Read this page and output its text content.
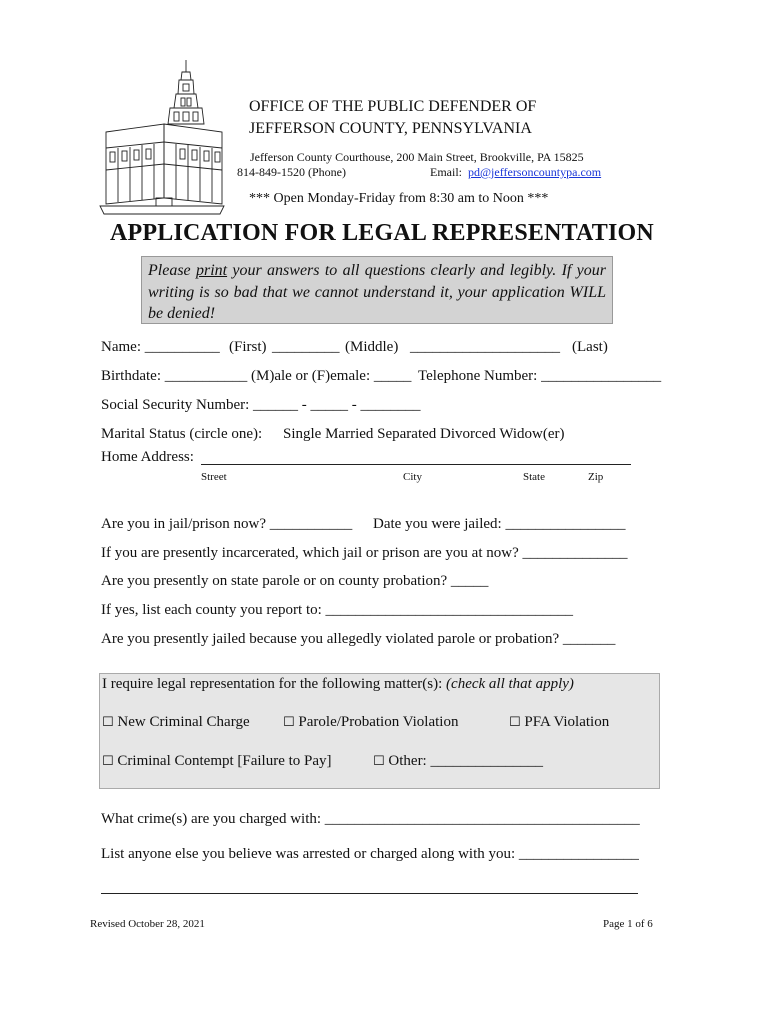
OFFICE OF THE PUBLIC DEFENDER OF
JEFFERSON COUNTY, PENNSYLVANIA
Jefferson County Courthouse, 200 Main Street, Brookville, PA 15825
814-849-1520 (Phone)	Email: pd@jeffersoncountypa.com
*** Open Monday-Friday from 8:30 am to Noon ***
APPLICATION FOR LEGAL REPRESENTATION
Please print your answers to all questions clearly and legibly. If your writing is so bad that we cannot understand it, your application WILL be denied!
Name: __________ (First) _________ (Middle) ____________________ (Last)
Birthdate: ___________ (M)ale or (F)emale: _____ Telephone Number: ________________
Social Security Number: ______ - _____ - ________
Marital Status (circle one): Single Married Separated Divorced Widow(er)
Home Address:
Street	City	State	Zip
Are you in jail/prison now? ___________ Date you were jailed: ________________
If you are presently incarcerated, which jail or prison are you at now? ______________
Are you presently on state parole or on county probation? _____
If yes, list each county you report to: _________________________________
Are you presently jailed because you allegedly violated parole or probation? _______
I require legal representation for the following matter(s): (check all that apply)
☐ New Criminal Charge	☐ Parole/Probation Violation	☐ PFA Violation
☐ Criminal Contempt [Failure to Pay]	☐ Other: _______________
What crime(s) are you charged with: __________________________________________
List anyone else you believe was arrested or charged along with you: ________________
Revised October 28, 2021	Page 1 of 6
